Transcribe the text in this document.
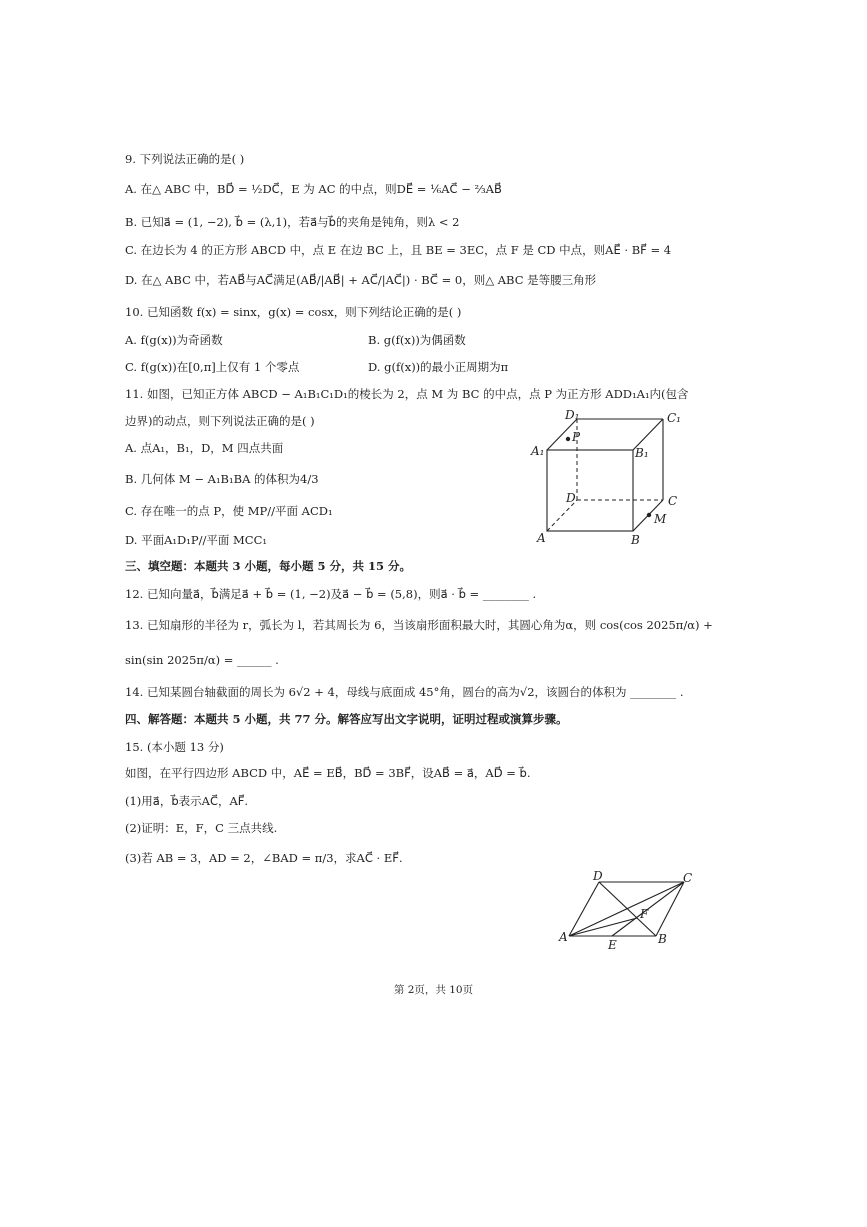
9. 下列说法正确的是( )
A. 在△ ABC 中，BD⃗ = ½DC⃗，E 为 AC 的中点，则DE⃗ = ⅙AC⃗ − ⅔AB⃗
B. 已知a⃗ = (1, −2), b⃗ = (λ,1)，若a⃗与b⃗的夹角是钝角，则λ < 2
C. 在边长为 4 的正方形 ABCD 中，点 E 在边 BC 上，且 BE = 3EC，点 F 是 CD 中点，则AE⃗ · BF⃗ = 4
D. 在△ ABC 中，若AB⃗与AC⃗满足(AB⃗/|AB⃗| + AC⃗/|AC⃗|) · BC⃗ = 0，则△ ABC 是等腰三角形
10. 已知函数 f(x) = sinx，g(x) = cosx，则下列结论正确的是( )
A. f(g(x))为奇函数	B. g(f(x))为偶函数
C. f(g(x))在[0,π]上仅有 1 个零点	D. g(f(x))的最小正周期为π
11. 如图，已知正方体 ABCD − A₁B₁C₁D₁的棱长为 2，点 M 为 BC 的中点，点 P 为正方形 ADD₁A₁内(包含
边界)的动点，则下列说法正确的是( )
A. 点A₁，B₁，D，M 四点共面
B. 几何体 M − A₁B₁BA 的体积为4/3
C. 存在唯一的点 P，使 MP//平面 ACD₁
D. 平面A₁D₁P//平面 MCC₁
D₁	C₁
A₁	B₁
P
D	C
M
A	B
三、填空题：本题共 3 小题，每小题 5 分，共 15 分。
12. 已知向量a⃗，b⃗满足a⃗ + b⃗ = (1, −2)及a⃗ − b⃗ = (5,8)，则a⃗ · b⃗ = ________ .
13. 已知扇形的半径为 r，弧长为 l，若其周长为 6，当该扇形面积最大时，其圆心角为α，则 cos(cos 2025π/α) +
sin(sin 2025π/α) = ______ .
14. 已知某圆台轴截面的周长为 6√2 + 4，母线与底面成 45°角，圆台的高为√2，该圆台的体积为 ________ .
四、解答题：本题共 5 小题，共 77 分。解答应写出文字说明，证明过程或演算步骤。
15. (本小题 13 分)
如图，在平行四边形 ABCD 中，AE⃗ = EB⃗，BD⃗ = 3BF⃗，设AB⃗ = a⃗，AD⃗ = b⃗.
(1)用a⃗，b⃗表示AC⃗，AF⃗.
(2)证明：E，F，C 三点共线.
(3)若 AB = 3，AD = 2，∠BAD = π/3，求AC⃗ · EF⃗.
D	C
F
A
E	B
第 2页，共 10页
